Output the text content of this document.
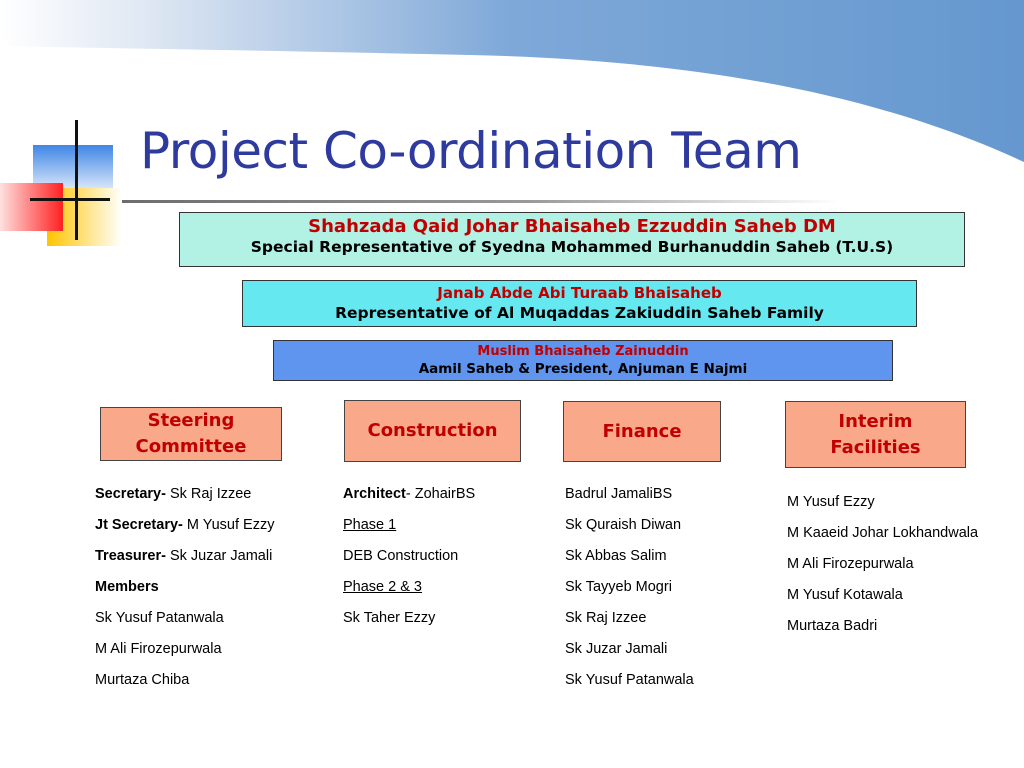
Project Co-ordination Team
Shahzada Qaid Johar Bhaisaheb Ezzuddin Saheb DM
Special Representative of Syedna Mohammed Burhanuddin Saheb (T.U.S)
Janab Abde Abi Turaab Bhaisaheb
Representative of Al Muqaddas Zakiuddin Saheb Family
Muslim Bhaisaheb Zainuddin
Aamil Saheb & President, Anjuman E Najmi
Steering Committee
Construction	Finance	Interim Facilities
Secretary- Sk Raj Izzee
Jt Secretary- M Yusuf Ezzy
Treasurer- Sk Juzar Jamali
Members
Sk Yusuf Patanwala
M Ali Firozepurwala
Murtaza Chiba
Architect- ZohairBS
Phase 1
DEB Construction
Phase 2 & 3
Sk Taher Ezzy
Badrul JamaliBS
Sk Quraish Diwan
Sk Abbas Salim
Sk Tayyeb Mogri
Sk Raj Izzee
Sk Juzar Jamali
Sk Yusuf Patanwala
M Yusuf Ezzy
M Kaaeid Johar Lokhandwala
M Ali Firozepurwala
M Yusuf Kotawala
Murtaza Badri
